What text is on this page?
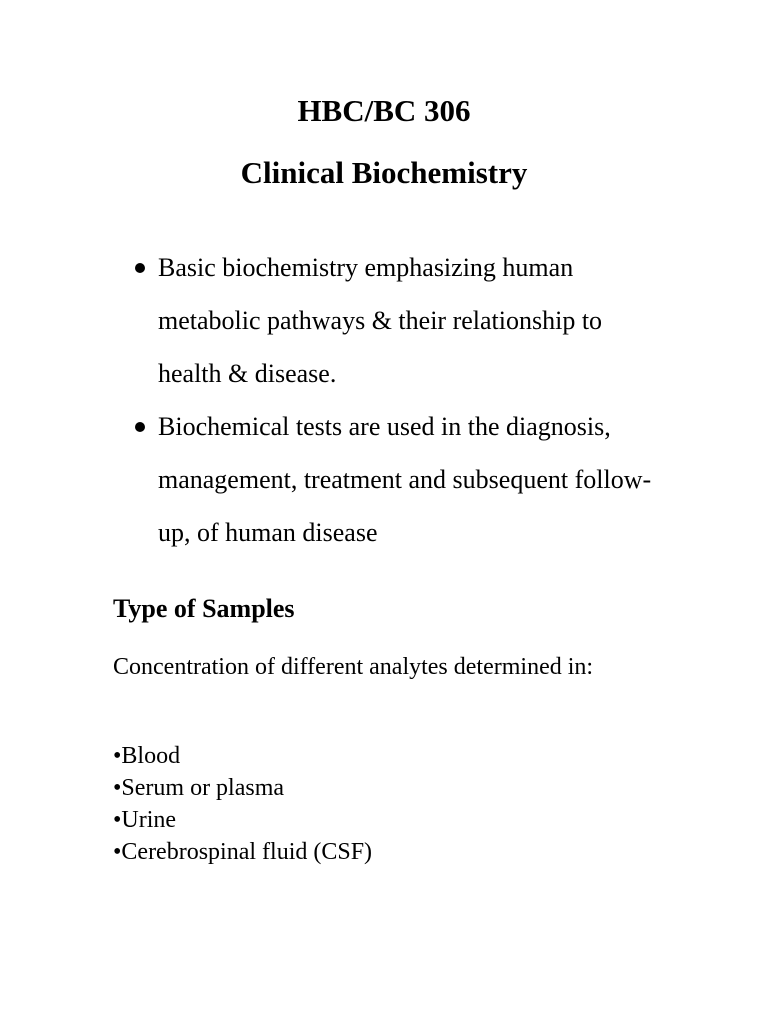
HBC/BC 306
Clinical Biochemistry
Basic biochemistry emphasizing human metabolic pathways & their relationship to health & disease.
Biochemical tests are used in the diagnosis, management, treatment and subsequent follow-up, of human disease
Type of Samples

Concentration of different analytes determined in:

•Blood
•Serum or plasma
•Urine
•Cerebrospinal fluid (CSF)
